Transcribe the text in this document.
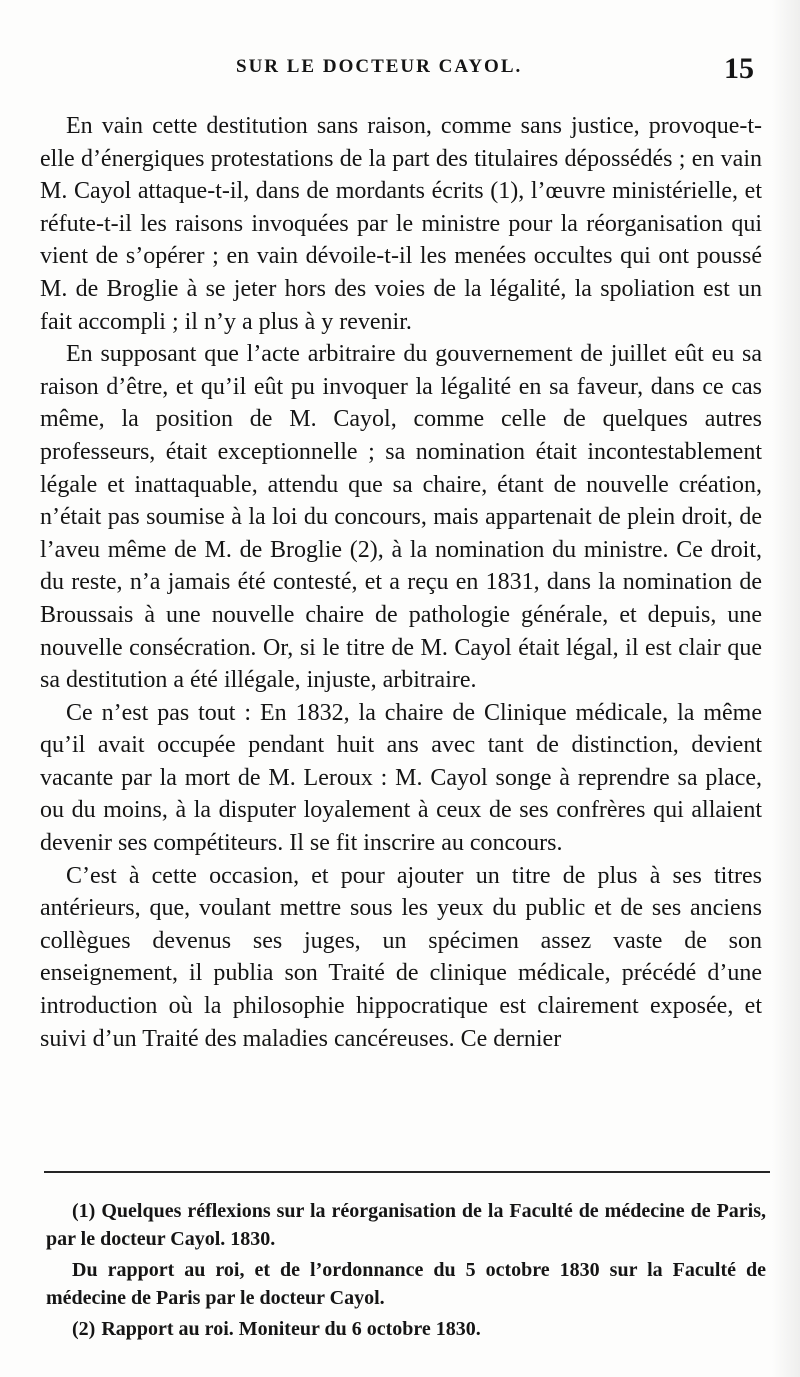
SUR LE DOCTEUR CAYOL.	15

En vain cette destitution sans raison, comme sans justice, provoque-t-elle d’énergiques protestations de la part des titulaires dépossédés ; en vain M. Cayol attaque-t-il, dans de mordants écrits (1), l’œuvre ministérielle, et réfute-t-il les raisons invoquées par le ministre pour la réorganisation qui vient de s’opérer ; en vain dévoile-t-il les menées occultes qui ont poussé M. de Broglie à se jeter hors des voies de la légalité, la spoliation est un fait accompli ; il n’y a plus à y revenir.

En supposant que l’acte arbitraire du gouvernement de juillet eût eu sa raison d’être, et qu’il eût pu invoquer la légalité en sa faveur, dans ce cas même, la position de M. Cayol, comme celle de quelques autres professeurs, était exceptionnelle ; sa nomination était incontestablement légale et inattaquable, attendu que sa chaire, étant de nouvelle création, n’était pas soumise à la loi du concours, mais appartenait de plein droit, de l’aveu même de M. de Broglie (2), à la nomination du ministre. Ce droit, du reste, n’a jamais été contesté, et a reçu en 1831, dans la nomination de Broussais à une nouvelle chaire de pathologie générale, et depuis, une nouvelle consécration. Or, si le titre de M. Cayol était légal, il est clair que sa destitution a été illégale, injuste, arbitraire.

Ce n’est pas tout : En 1832, la chaire de Clinique médicale, la même qu’il avait occupée pendant huit ans avec tant de distinction, devient vacante par la mort de M. Leroux : M. Cayol songe à reprendre sa place, ou du moins, à la disputer loyalement à ceux de ses confrères qui allaient devenir ses compétiteurs. Il se fit inscrire au concours.

C’est à cette occasion, et pour ajouter un titre de plus à ses titres antérieurs, que, voulant mettre sous les yeux du public et de ses anciens collègues devenus ses juges, un spécimen assez vaste de son enseignement, il publia son Traité de clinique médicale, précédé d’une introduction où la philosophie hippocratique est clairement exposée, et suivi d’un Traité des maladies cancéreuses. Ce dernier

(1) Quelques réflexions sur la réorganisation de la Faculté de médecine de Paris, par le docteur Cayol. 1830.

Du rapport au roi, et de l’ordonnance du 5 octobre 1830 sur la Faculté de médecine de Paris par le docteur Cayol.

(2) Rapport au roi. Moniteur du 6 octobre 1830.
